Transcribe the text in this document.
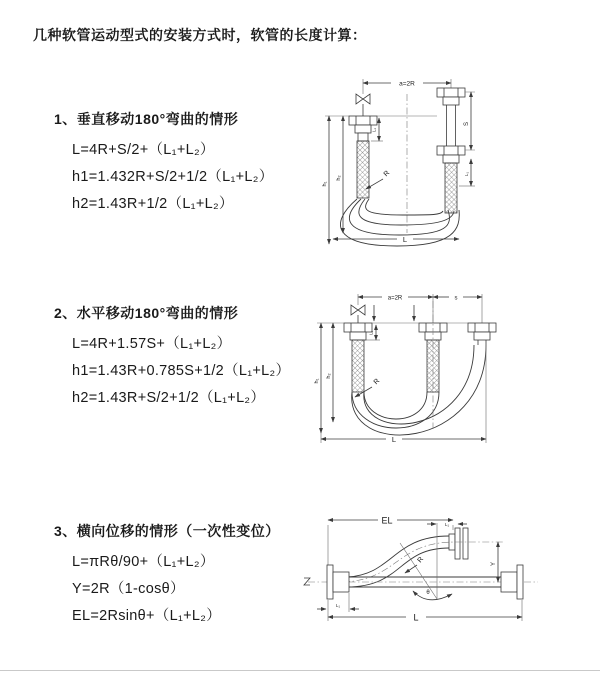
几种软管运动型式的安装方式时，软管的长度计算：
1、垂直移动180°弯曲的情形
L=4R+S/2+（L₁+L₂）
h1=1.432R+S/2+1/2（L₁+L₂）
h2=1.43R+1/2（L₁+L₂）
2、水平移动180°弯曲的情形
L=4R+1.57S+（L₁+L₂）
h1=1.43R+0.785S+1/2（L₁+L₂）
h2=1.43R+S/2+1/2（L₁+L₂）
3、横向位移的情形（一次性变位）
L=πRθ/90+（L₁+L₂）
Y=2R（1-cosθ）
EL=2Rsinθ+（L₁+L₂）
a=2R
h₁
h₂
L
S
L₁
L₁
R
a=2R	s
L₁
h₁
h₂
L
R
EL	L₁
Y
θ
R
L₁
L
